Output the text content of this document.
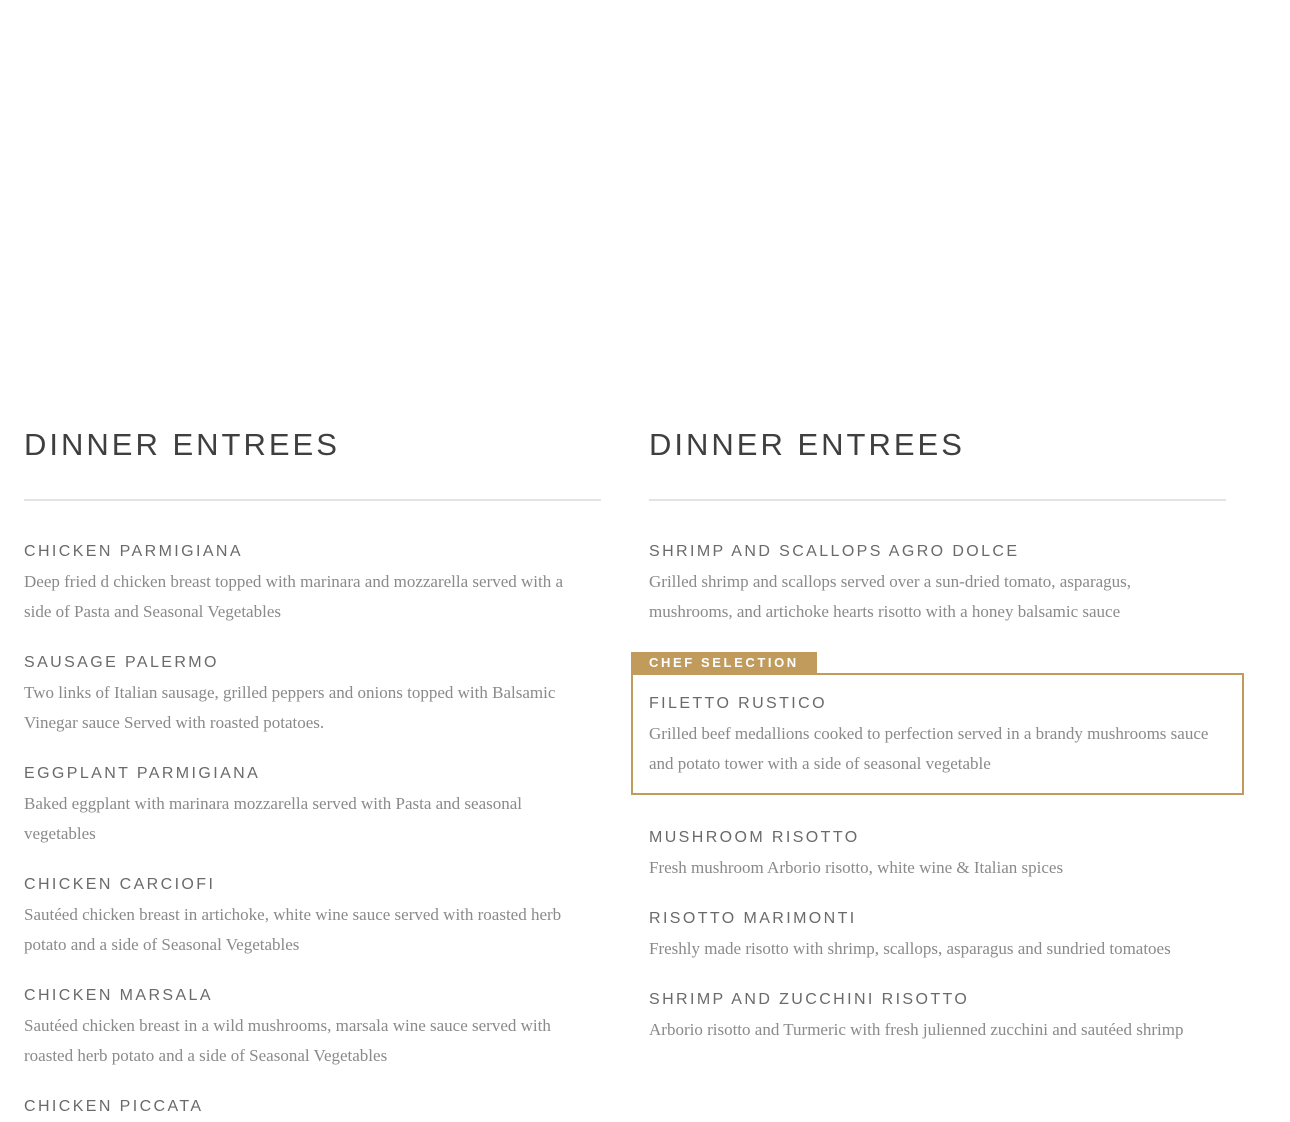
DINNER ENTREES
CHICKEN PARMIGIANA
Deep fried d chicken breast topped with marinara and mozzarella served with a side of Pasta and Seasonal Vegetables
SAUSAGE PALERMO
Two links of Italian sausage, grilled peppers and onions topped with Balsamic Vinegar sauce Served with roasted potatoes.
EGGPLANT PARMIGIANA
Baked eggplant with marinara mozzarella served with Pasta and seasonal vegetables
CHICKEN CARCIOFI
Sautéed chicken breast in artichoke, white wine sauce served with roasted herb potato and a side of Seasonal Vegetables
CHICKEN MARSALA
Sautéed chicken breast in a wild mushrooms, marsala wine sauce served with roasted herb potato and a side of Seasonal Vegetables
CHICKEN PICCATA
DINNER ENTREES
SHRIMP AND SCALLOPS AGRO DOLCE
Grilled shrimp and scallops served over a sun-dried tomato, asparagus, mushrooms, and artichoke hearts risotto with a honey balsamic sauce
CHEF SELECTION
FILETTO RUSTICO
Grilled beef medallions cooked to perfection served in a brandy mushrooms sauce and potato tower with a side of seasonal vegetable
MUSHROOM RISOTTO
Fresh mushroom Arborio risotto, white wine & Italian spices
RISOTTO MARIMONTI
Freshly made risotto with shrimp, scallops, asparagus and sundried tomatoes
SHRIMP AND ZUCCHINI RISOTTO
Arborio risotto and Turmeric with fresh julienned zucchini and sautéed shrimp
